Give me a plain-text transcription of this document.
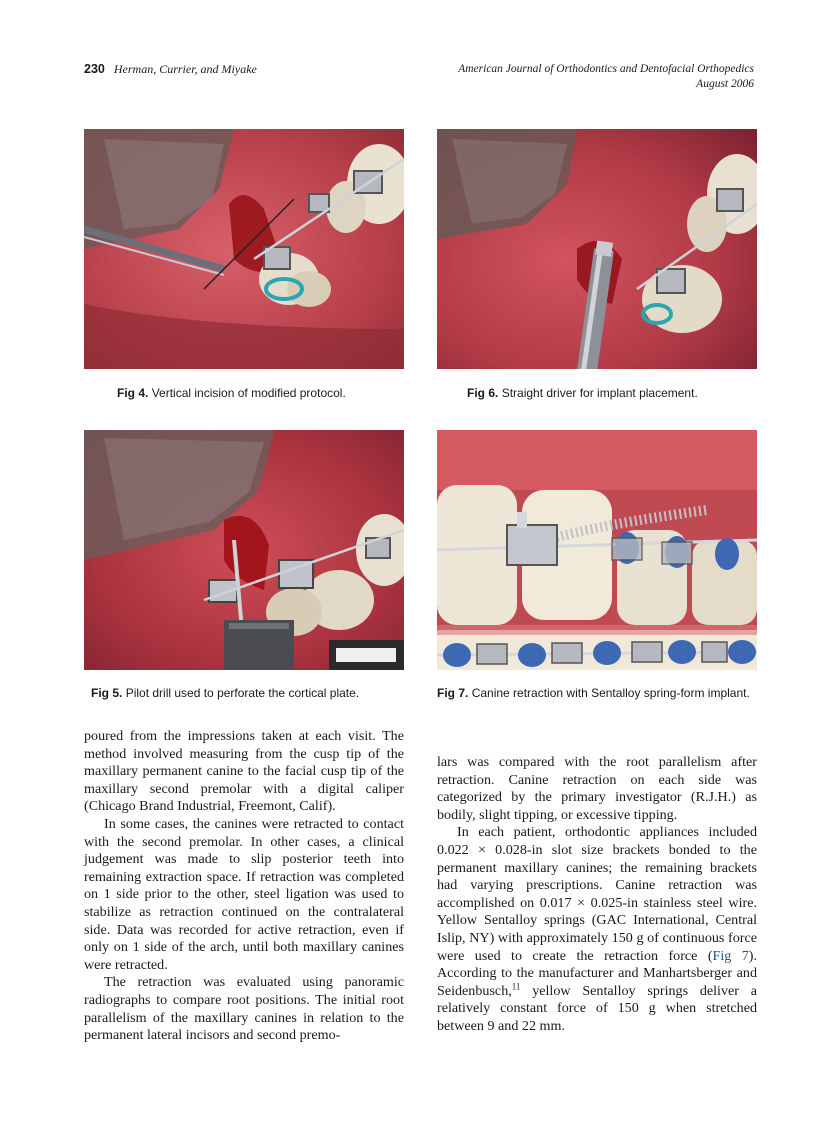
230 Herman, Currier, and Miyake	American Journal of Orthodontics and Dentofacial Orthopedics
August 2006
Fig 4. Vertical incision of modified protocol.	Fig 6. Straight driver for implant placement.
Fig 5. Pilot drill used to perforate the cortical plate.	Fig 7. Canine retraction with Sentalloy spring-form implant.

poured from the impressions taken at each visit. The method involved measuring from the cusp tip of the maxillary permanent canine to the facial cusp tip of the maxillary second premolar with a digital caliper (Chicago Brand Industrial, Freemont, Calif).

In some cases, the canines were retracted to contact with the second premolar. In other cases, a clinical judgement was made to slip posterior teeth into remaining extraction space. If retraction was completed on 1 side prior to the other, steel ligation was used to stabilize as retraction continued on the contralateral side. Data was recorded for active retraction, even if only on 1 side of the arch, until both maxillary canines were retracted.

The retraction was evaluated using panoramic radiographs to compare root positions. The initial root parallelism of the maxillary canines in relation to the permanent lateral incisors and second premo-

lars was compared with the root parallelism after retraction. Canine retraction on each side was categorized by the primary investigator (R.J.H.) as bodily, slight tipping, or excessive tipping.

In each patient, orthodontic appliances included 0.022 × 0.028-in slot size brackets bonded to the permanent maxillary canines; the remaining brackets had varying prescriptions. Canine retraction was accomplished on 0.017 × 0.025-in stainless steel wire. Yellow Sentalloy springs (GAC International, Central Islip, NY) with approximately 150 g of continuous force were used to create the retraction force (Fig 7). According to the manufacturer and Manhartsberger and Seidenbusch,$^{11}$ yellow Sentalloy springs deliver a relatively constant force of 150 g when stretched between 9 and 22 mm.
